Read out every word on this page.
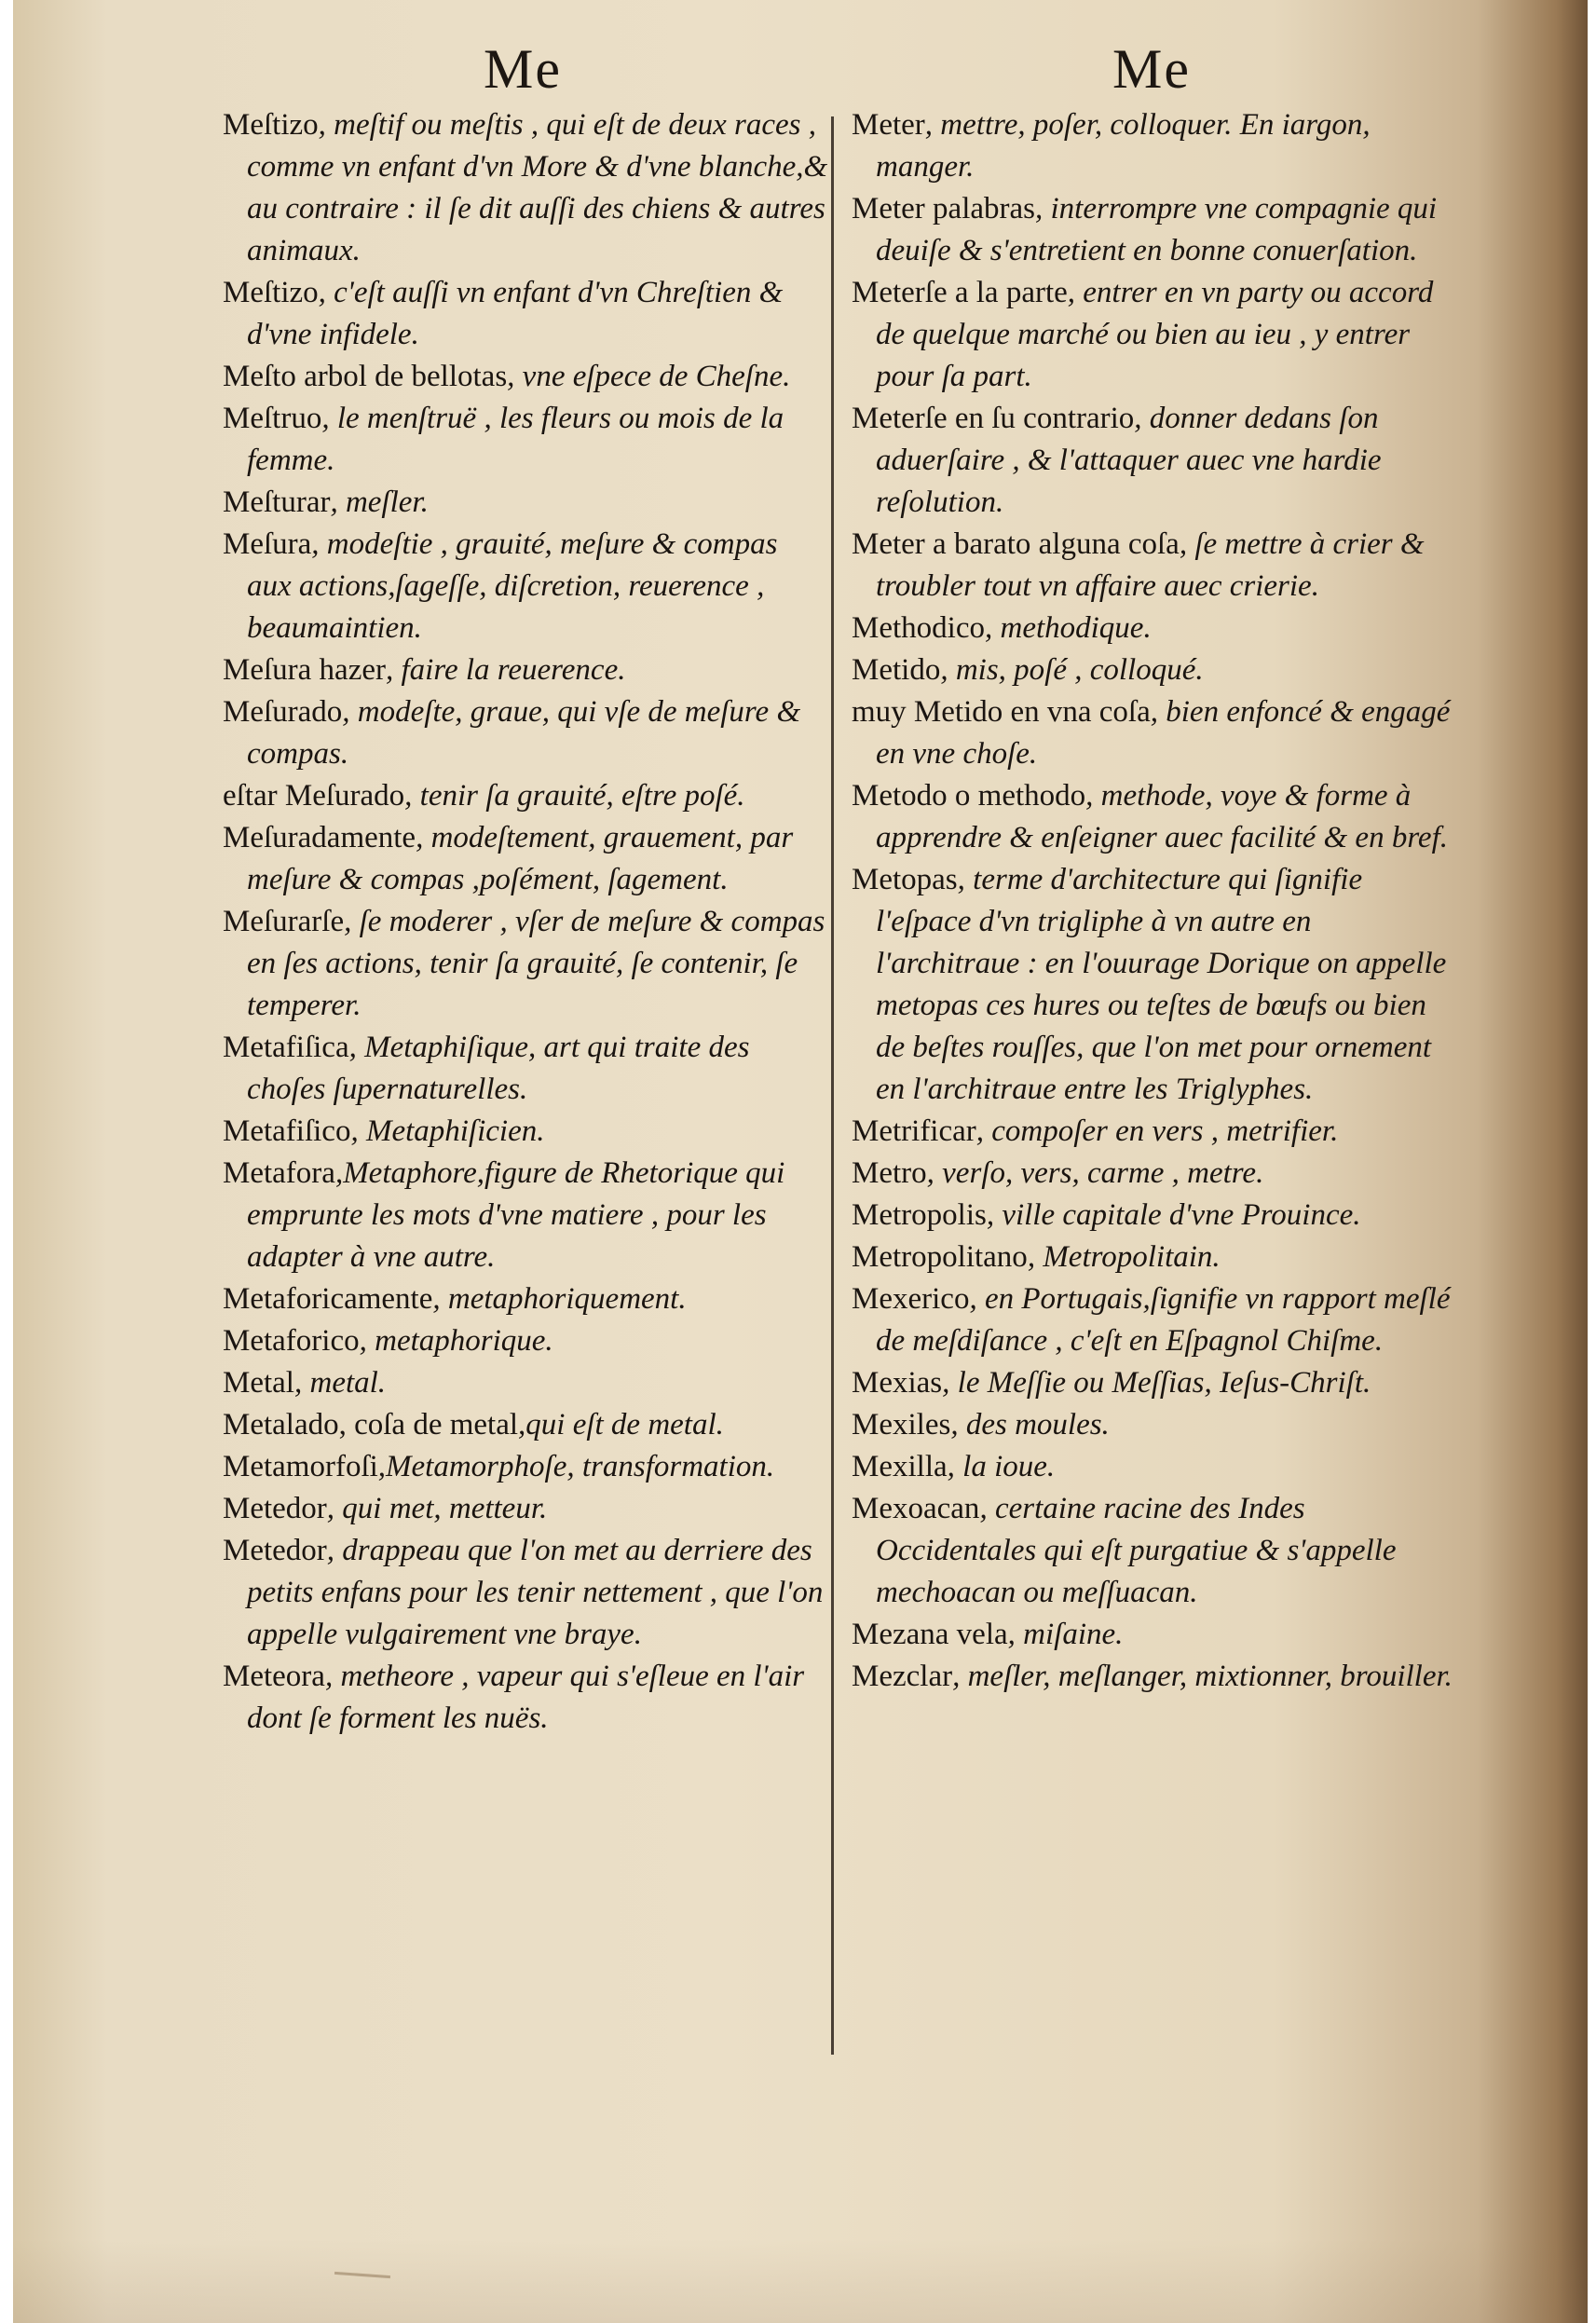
Me	Me
Meſtizo, meſtif ou meſtis , qui eſt de deux races , comme vn enfant d'vn More & d'vne blanche,& au contraire : il ſe dit auſſi des chiens & autres animaux.
Meſtizo, c'eſt auſſi vn enfant d'vn Chreſtien & d'vne infidele.
Meſto arbol de bellotas, vne eſpece de Cheſne.
Meſtruo, le menſtruë , les fleurs ou mois de la femme.
Meſturar, meſler.
Meſura, modeſtie , grauité, meſure & compas aux actions,ſageſſe, diſcretion, reuerence , beaumaintien.
Meſura hazer, faire la reuerence.
Meſurado, modeſte, graue, qui vſe de meſure & compas.
eſtar Meſurado, tenir ſa grauité, eſtre poſé.
Meſuradamente, modeſtement, grauement, par meſure & compas ,poſément, ſagement.
Meſurarſe, ſe moderer , vſer de meſure & compas en ſes actions, tenir ſa grauité, ſe contenir, ſe temperer.
Metafiſica, Metaphiſique, art qui traite des choſes ſupernaturelles.
Metafiſico, Metaphiſicien.
Metafora,Metaphore,figure de Rhetorique qui emprunte les mots d'vne matiere , pour les adapter à vne autre.
Metaforicamente, metaphoriquement.
Metaforico, metaphorique.
Metal, metal.
Metalado, coſa de metal,qui eſt de metal.
Metamorfoſi,Metamorphoſe, transformation.
Metedor, qui met, metteur.
Metedor, drappeau que l'on met au derriere des petits enfans pour les tenir nettement , que l'on appelle vulgairement vne braye.
Meteora, metheore , vapeur qui s'eſleue en l'air dont ſe forment les nuës.
Meter, mettre, poſer, colloquer. En iargon, manger.
Meter palabras, interrompre vne compagnie qui deuiſe & s'entretient en bonne conuerſation.
Meterſe a la parte, entrer en vn party ou accord de quelque marché ou bien au ieu , y entrer pour ſa part.
Meterſe en ſu contrario, donner dedans ſon aduerſaire , & l'attaquer auec vne hardie reſolution.
Meter a barato alguna coſa, ſe mettre à crier & troubler tout vn affaire auec crierie.
Methodico, methodique.
Metido, mis, poſé , colloqué.
muy Metido en vna coſa, bien enfoncé & engagé en vne choſe.
Metodo o methodo, methode, voye & forme à apprendre & enſeigner auec facilité & en bref.
Metopas, terme d'architecture qui ſignifie l'eſpace d'vn trigliphe à vn autre en l'architraue : en l'ouurage Dorique on appelle metopas ces hures ou teſtes de bœufs ou bien de beſtes rouſſes, que l'on met pour ornement en l'architraue entre les Triglyphes.
Metrificar, compoſer en vers , metrifier.
Metro, verſo, vers, carme , metre.
Metropolis, ville capitale d'vne Prouince.
Metropolitano, Metropolitain.
Mexerico, en Portugais,ſignifie vn rapport meſlé de meſdiſance , c'eſt en Eſpagnol Chiſme.
Mexias, le Meſſie ou Meſſias, Ieſus-Chriſt.
Mexiles, des moules.
Mexilla, la ioue.
Mexoacan, certaine racine des Indes Occidentales qui eſt purgatiue & s'appelle mechoacan ou meſſuacan.
Mezana vela, miſaine.
Mezclar, meſler, meſlanger, mixtionner, brouiller.
